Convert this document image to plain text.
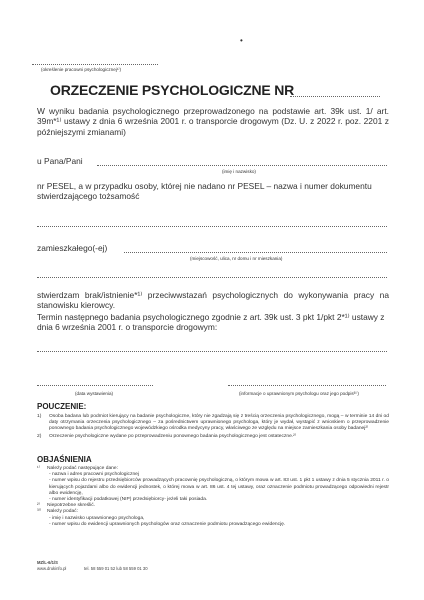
•
(określenie pracowni psychologicznej¹⁾)
ORZECZENIE PSYCHOLOGICZNE NR
W wyniku badania psychologicznego przeprowadzonego na podstawie art. 39k ust. 1/ art. 39m*¹⁾ ustawy z dnia 6 września 2001 r. o transporcie drogowym (Dz. U. z 2022 r. poz. 2201 z późniejszymi zmianami)
u Pana/Pani
(imię i nazwisko)
nr PESEL, a w przypadku osoby, której nie nadano nr PESEL – nazwa i numer dokumentu stwierdzającego tożsamość
zamieszkałego(-ej)
(miejscowość, ulica, nr domu i nr mieszkania)
stwierdzam brak/istnienie*¹⁾ przeciwwstazań psychologicznych do wykonywania pracy na stanowisku kierowcy.
Termin następnego badania psychologicznego zgodnie z art. 39k ust. 3 pkt 1/pkt 2*¹⁾ ustawy z dnia 6 września 2001 r. o transporcie drogowym:
(data wystawienia)	(informacje o uprawnionym psychologu oraz jego podpis³⁾⁾)
POUCZENIE:
1) Osoba badana lub podmiot kierujący na badanie psychologiczne, który nie zgadzają się z treścią orzeczenia psychologicznego, mogą – w terminie 14 dni od daty otrzymania orzeczenia psychologicznego – za pośrednictwem uprawnionego psychologa, który je wydał, wystąpić z wnioskiem o przeprowadzenie ponownego badania psychologicznego wojewódzkiego ośrodka medycyny pracy, właściwego ze względu na miejsce zamieszkania osoby badanej²⁾
2) Orzeczenie psychologiczne wydane po przeprowadzeniu ponownego badania psychologicznego jest ostateczne.²⁾
OBJAŚNIENIA
¹⁾ Należy podać następujące dane:
- nazwa i adres pracowni psychologicznej
- numer wpisu do rejestru przedsiębiorców prowadzących pracownię psychologiczną, o którym mowa w art. 83 ust. 1 pkt 1 ustawy z dnia 5 stycznia 2011 r. o kierujących pojazdami albo do ewidencji jednostek, o której mowa w art. 86 ust. 4 tej ustawy, oraz oznaczenie podmiotu prowadzącego odpowiedni rejestr albo ewidencję,
- numer identyfikacji podatkowej (NIP) przedsiębiorcy- jeżeli taki posiada.
²⁾ Niepotrzebne skreślić.
³⁾⁾ Należy podać:
- imię i nazwisko uprawnionego psychologa,
- numer wpisu do ewidencji uprawnionych psychologów oraz oznaczenie podmiotu prowadzącego ewidencję.
MZ/L-6/1/S
www.drukinfo.pl	tel. 58 559 01 52 lub 58 559 01 30
